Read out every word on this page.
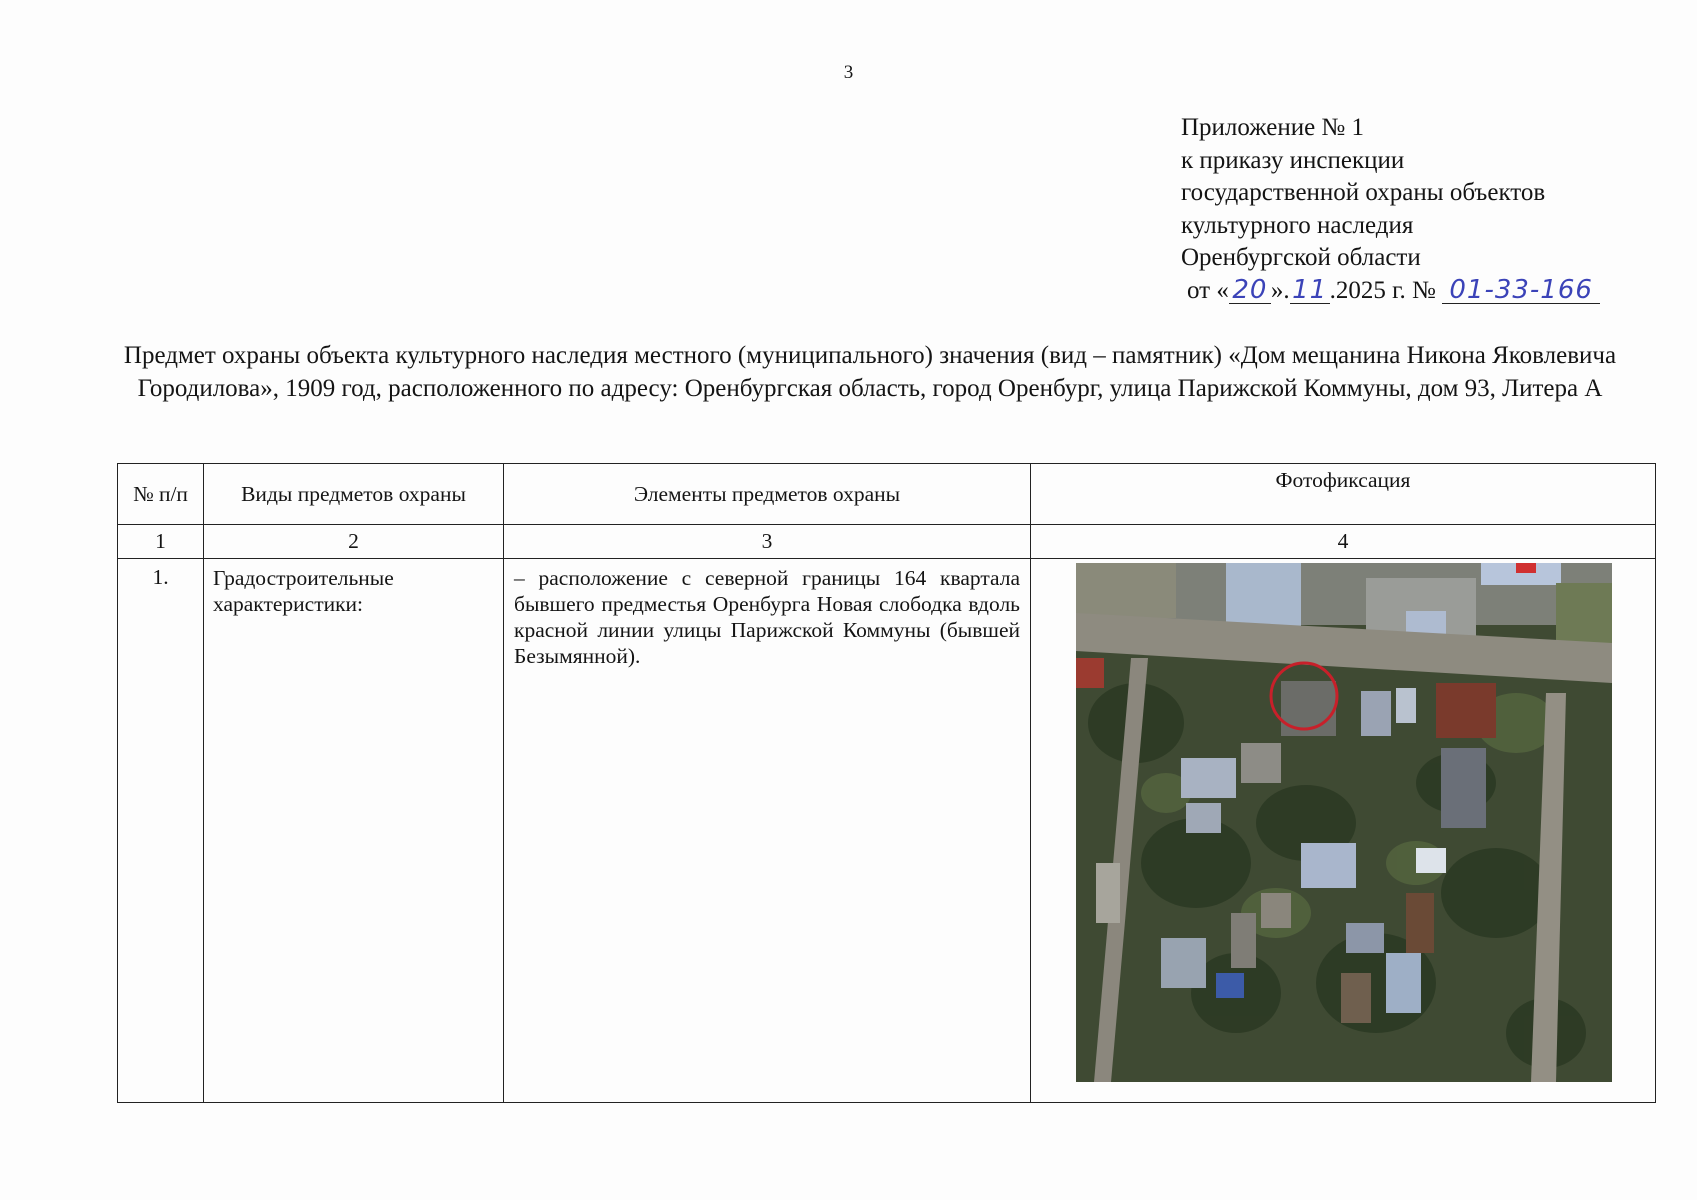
3
Приложение № 1
к приказу инспекции
государственной охраны объектов
культурного наследия
Оренбургской области
от « 20 ».11.2025 г. № 01-33-166
Предмет охраны объекта культурного наследия местного (муниципального) значения (вид – памятник) «Дом мещанина Никона Яковлевича Городилова», 1909 год, расположенного по адресу: Оренбургская область, город Оренбург, улица Парижской Коммуны, дом 93, Литера А
№ п/п	Виды предметов охраны	Элементы предметов охраны	Фотофиксация
1	2	3	4
1.	Градостроительные характеристики:	– расположение с северной границы 164 квартала бывшего предместья Оренбурга Новая слободка вдоль красной линии улицы Парижской Коммуны (бывшей Безымянной).	
